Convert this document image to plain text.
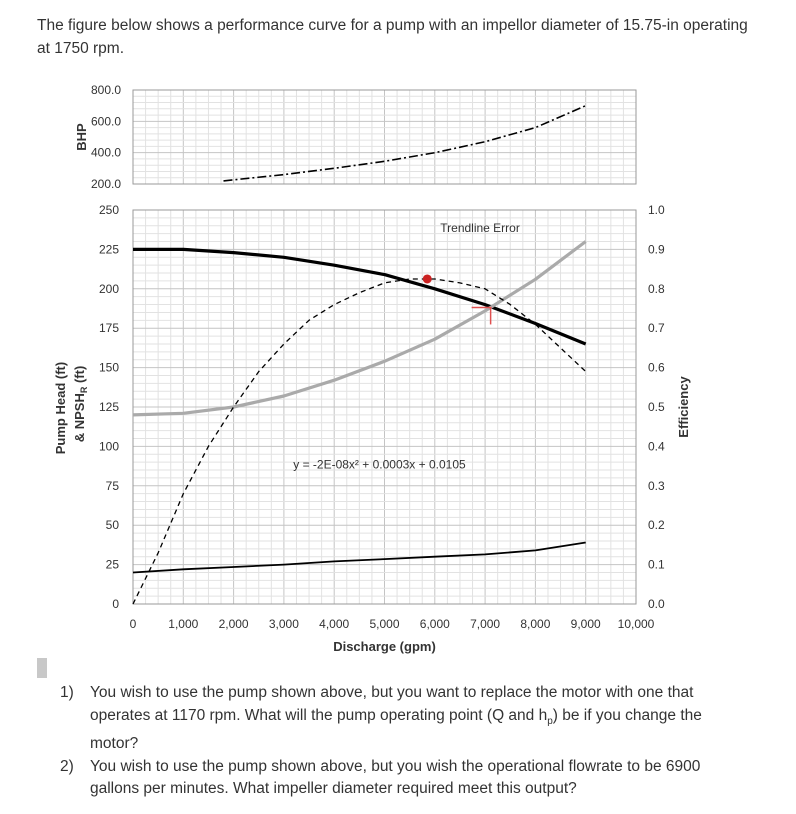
The figure below shows a performance curve for a pump with an impellor diameter of 15.75-in operating at 1750 rpm.
800.0
600.0
400.0
200.0
BHP
250
225
200
175
150
125
100
75
50
25
0
1.0
0.9
0.8
0.7
0.6
0.5
0.4
0.3
0.2
0.1
0.0
0	1,000 2,000 3,000 4,000 5,000 6,000 7,000 8,000 9,000 10,000
Discharge (gpm)
Pump Head (ft) & $NPSH_R$ (ft)
Efficiency
Trendline Error
y = -2E-08x² + 0.0003x + 0.0105
1) You wish to use the pump shown above, but you want to replace the motor with one that operates at 1170 rpm. What will the pump operating point (Q and $h_p$) be if you change the motor?
2) You wish to use the pump shown above, but you wish the operational flowrate to be 6900 gallons per minutes. What impeller diameter required meet this output?
